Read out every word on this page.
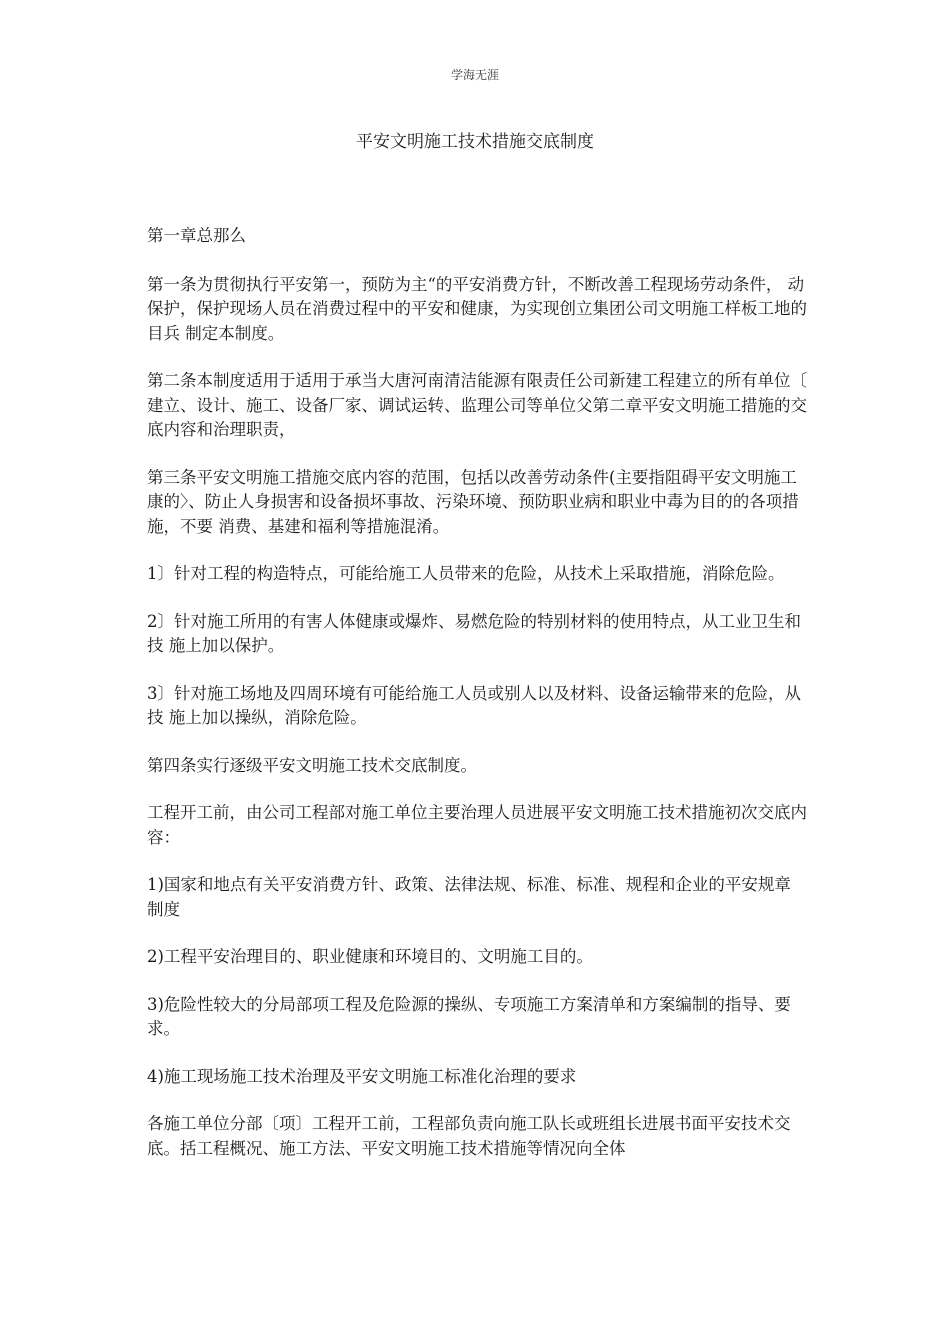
学海无涯
平安文明施工技术措施交底制度

第一章总那么

第一条为贯彻执行平安第一，预防为主“的平安消费方针，不断改善工程现场劳动条件， 动保护，保护现场人员在消费过程中的平安和健康，为实现创立集团公司文明施工样板工地的目兵 制定本制度。

第二条本制度适用于适用于承当大唐河南清洁能源有限责任公司新建工程建立的所有单位〔 建立、设计、施工、设备厂家、调试运转、监理公司等单位父第二章平安文明施工措施的交底内容和治理职责，

第三条平安文明施工措施交底内容的范围，包括以改善劳动条件(主要指阻碍平安文明施工 康的〉、防止人身损害和设备损坏事故、污染环境、预防职业病和职业中毒为目的的各项措施，不要 消费、基建和福利等措施混淆。

1〕针对工程的构造特点，可能给施工人员带来的危险，从技术上采取措施，消除危险。

2〕针对施工所用的有害人体健康或爆炸、易燃危险的特别材料的使用特点，从工业卫生和技 施上加以保护。

3〕针对施工场地及四周环境有可能给施工人员或别人以及材料、设备运输带来的危险，从技 施上加以操纵，消除危险。

第四条实行逐级平安文明施工技术交底制度。

工程开工前，由公司工程部对施工单位主要治理人员进展平安文明施工技术措施初次交底内容：

1)国家和地点有关平安消费方针、政策、法律法规、标准、标准、规程和企业的平安规章制度

2)工程平安治理目的、职业健康和环境目的、文明施工目的。

3)危险性较大的分局部项工程及危险源的操纵、专项施工方案清单和方案编制的指导、要求。

4)施工现场施工技术治理及平安文明施工标准化治理的要求

各施工单位分部〔项〕工程开工前，工程部负责向施工队长或班组长进展书面平安技术交底。括工程概况、施工方法、平安文明施工技术措施等情况向全体
